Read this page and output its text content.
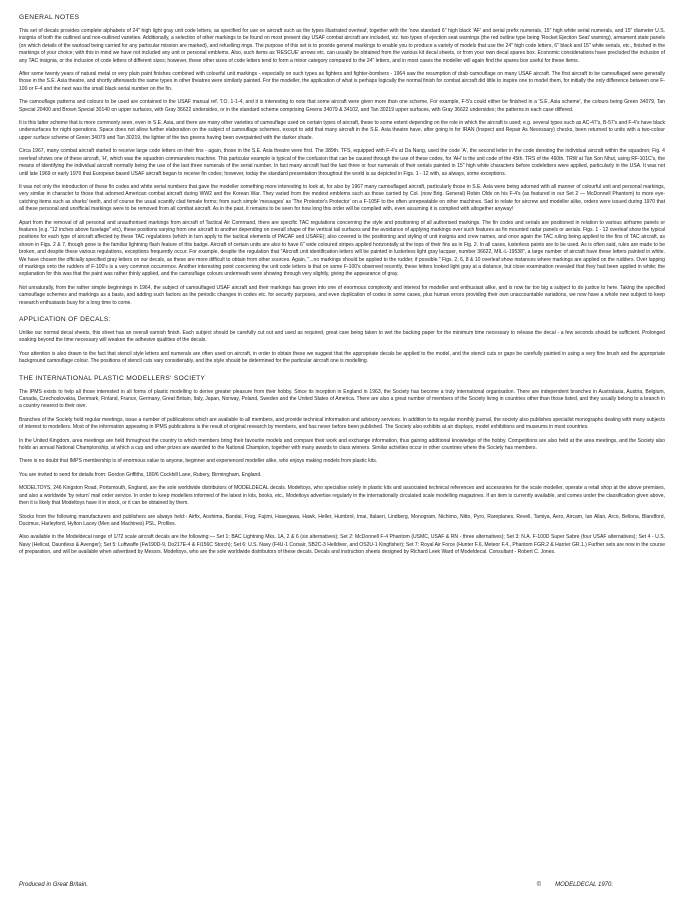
GENERAL NOTES

This set of decals provides complete alphabets of 24" high light gray unit code letters, as specified for use on aircraft such as the types illustrated overleaf, together with the 'now standard 6" high black 'AF' and serial prefix numerals, 15" high white serial numerals, and 15" diameter U.S. insignia of both the outlined and non-outlined varieties. Additionally, a selection of other markings to be found on most present day USAF combat aircraft are included, viz. two types of ejection seat warnings (the red outline type being 'Rocket Ejection Seat' warning), armament state panels (on which details of the warload being carried for any particular mission are marked), and refuelling rings. The purpose of this set is to provide general markings to enable you to produce a variety of models that use the 24" high code letters, 6" black and 15" white serials, etc., finished in the markings of your choice; with this in mind we have not included any unit or personal emblems. Also, such items as 'RESCUE' arrows etc. can usually be obtained from the various kit decal sheets, or from your own decal spares box. Economic considerations have precluded the inclusion of any TAC insignia, or the inclusion of code letters of different sizes; however, these other sizes of code letters tend to form a minor category compared to the 24" letters, and in most cases the modeller will again find the spares box useful for these items.

After some twenty years of natural metal or very plain paint finishes combined with colourful unit markings - especially on such types as fighters and fighter-bombers - 1964 saw the resumption of drab camouflage on many USAF aircraft. The first aircraft to be camouflaged were generally those in the S.E. Asia theatre, and shortly afterwards the same types in other theatres were similarly painted. For the modeller, the application of what is perhaps logically the normal finish for combat aircraft did little to inspire one to model them, for initially the only difference between one F-100 or F-4 and the next was the small black serial number on the fin.

The camouflage patterns and colours to be used are contained in the USAF manual ref. T.O. 1-1-4, and it is interesting to note that some aircraft were given more than one scheme. For example, F-5's could either be finished in a 'S.E. Asia scheme', the colours being Green 34079, Tan Special 20400 and Brown Special 30140 on upper surfaces, with Gray 36622 undersides, or in the standard scheme comprising Greens 34079 & 34102, and Tan 30219 upper surfaces, with Gray 36622 undersides; the patterns in each case differed.

It is this latter scheme that is more commonly seen, even in S.E. Asia, and there are many other varieties of camouflage used on certain types of aircraft, these to some extent depending on the role in which the aircraft is used; e.g. several types such as AC-47's, B-57's and F-4's have black undersurfaces for night operations. Space does not allow further elaboration on the subject of camouflage schemes, except to add that many aircraft in the S.E. Asia theatre have, after going in for IRAN (Inspect and Repair As Necessary) checks, been returned to units with a two-colour upper surface scheme of Green 34079 and Tan 30219, the lighter of the two greens having been overpainted with the darker shade.

Circa 1967, many combat aircraft started to receive large code letters on their fins - again, those in the S.E. Asia theatre were first. The 389th. TFS, equipped with F-4's at Da Nang, used the code 'A', the second letter in the code denoting the individual aircraft within the squadron; Fig. 4 overleaf shows one of these aircraft, 'H', which was the squadron commanders machine. This particular example is typical of the confusion that can be caused through the use of these codes, for 'AH' is the unit code of the 45th. TRS of the 460th. TRW at Tan Son Nhut, using RF-101C's, the means of identifying the individual aircraft normally being the use of the last three numerals of the serial number. In fact many aircraft had the last three or four numerals of their serials painted in 15" high white characters before codeletters were applied, particularly in the USA. It was not until late 1969 or early 1970 that European based USAF aircraft began to receive fin codes; however, today the standard presentation throughout the world is as depicted in Figs. 1 - 12 with, as always, some exceptions.

It was not only the introduction of these fin codes and white serial numbers that gave the modeller something more interesting to look at, for also by 1967 many camouflaged aircraft, particularly those in S.E. Asia were being adorned with all manner of colourful unit and personal markings, very similar in character to those that adorned American combat aircraft during WW2 and the Korean War. They varied from the modest emblems such as those carried by Col. (now Brig. General) Robin Olds on his F-4's (as featured in our Set 2 — McDonnell Phantom) to more eye-catching items such as sharks' teeth, and of course the usual scantily clad female forms; from such simple 'messages' as 'The Protestor's Protector' on a F-105F to the often unrepeatable on other machines. Sad to relate for aircrew and modeller alike, orders were issued during 1970 that all these personal and unofficial markings were to be removed from all combat aircraft. As in the past, it remains to be seen for how long this order will be complied with, even assuming it is complied with altogether anyway!

Apart from the removal of all personal and unauthorised markings from aircraft of Tactical Air Command, there are specific TAC regulations concerning the style and positioning of all authorised markings. The fin codes and serials are positioned in relation to various airframe panels or features (e.g. "12 inches above fuselage" etc), these positions varying from one aircraft to another depending on overall shape of the vertical tail surfaces and the avoidance of applying markings over such features as fin mounted radar panels or aerials. Figs. 1 - 12 overleaf show the typical positions for each type of aircraft affected by these TAC regulations (which in turn apply to the tactical elements of PACAF and USAFE); also covered is the positioning and styling of unit insignia and crew names, and once again the TAC ruling being applied to the fins of TAC aircraft, as shown in Figs. 2 & 7, though gone is the familiar lightning flash feature of this badge. Aircraft of certain units are also to have 6" wide coloured stripes applied horizontally at the tops of their fins as in Fig. 2. In all cases, lusterless paints are to be used. As is often said, rules are made to be broken, and despite these various regulations, exceptions frequently occur. For example, despite the regulation that "Aircraft unit identification letters will be painted in lusterless light gray lacquer, number 36622, MIL-L-19538", a large number of aircraft have these letters painted in white. We have chosen the officially specified gray letters on our decals, as these are more difficult to obtain from other sources. Again, "...no markings should be applied to the rudder, if possible." Figs. 2, 6, 8 & 10 overleaf show instances where markings are applied on the rudders. Over lapping of markings onto the rudders of F-100's is a very common occurrence. Another interesting point concerning the unit code letters is that on some F-100's observed recently, these letters looked light gray at a distance, but close examination revealed that they had been applied in white; the explanation for this was that the paint was rather thinly applied, and the camouflage colours underneath were showing through very slightly, giving the appearance of gray.

Not unnaturally, from the rather simple beginnings in 1964, the subject of camouflaged USAF aircraft and their markings has grown into one of enormous complexity and interest for modeller and enthusiast alike, and is now far too big a subject to do justice to here. Taking the specified camouflage schemes and markings as a basis, and adding such factors as the periodic changes in codes etc. for security purposes, and even duplication of codes in some cases, plus human errors providing their own unaccountable variations, we now have a whole new subject to keep research enthusiasts busy for a long time to come.

APPLICATION OF DECALS:

Unlike our normal decal sheets, this sheet has an overall varnish finish. Each subject should be carefully cut out and used as required, great care being taken to wet the backing paper for the minimum time necessary to release the decal - a few seconds should be sufficient. Prolonged soaking beyond the time necessary will weaken the adhesive qualities of the decals.

Your attention is also drawn to the fact that stencil style letters and numerals are often used on aircraft, in order to obtain these we suggest that the appropriate decals be applied to the model, and the stencil cuts or gaps be carefully painted in using a very fine brush and the appropriate background camouflage colour. The positions of stencil cuts vary considerably, and the style should be determined for the particular aircraft one is modelling.

THE INTERNATIONAL PLASTIC MODELLERS' SOCIETY

The IPMS exists to help all those interested in all forms of plastic modelling to derive greater pleasure from their hobby. Since its inception in England in 1963, the Society has become a truly international organisation. There are independent branches in Australasia, Austria, Belgium, Canada, Czechoslovakia, Denmark, Finland, France, Germany, Great Britain, Italy, Japan, Norway, Poland, Sweden and the United States of America. There are also a great number of members of the Society living in countries other than those listed, and they usually belong to a branch in a country nearest to their own.

Branches of the Society hold regular meetings, issue a number of publications which are available to all members, and provide technical information and advisory services. In addition to its regular monthly journal, the society also publishes specialist monographs dealing with many subjects of interest to modellers. Most of the information appearing in IPMS publications is the result of original research by members, and has never before been published. The Society also exhibits at air displays, model exhibitions and museums in most countries.

In the United Kingdom, area meetings are held throughout the country to which members bring their favourite models and compare their work and exchange information, thus gaining additional knowledge of the hobby. Competitions are also held at the area meetings, and the Society also holds an annual National Championship, at which a cup and other prizes are awarded to the National Champion, together with many awards to class winners. Similar activities occur in other countries where the Society has members.

There is no doubt that IMPS membership is of enormous value to anyone, beginner and experienced modeller alike, who enjoys making models from plastic kits.

You are invited to send for details from: Gordon Griffiths, 180/6 Cockhill Lane, Rubery, Birmingham, England.

MODELTOYS, 246 Kingston Road, Portsmouth, England, are the sole worldwide distributors of MODELDECAL decals. Modeltoys, who specialise solely in plastic kits and associated technical references and accessories for the scale modeller, operate a retail shop at the above premises, and also a worldwide 'by return' mail order service. In order to keep modellers informed of the latest in kits, books, etc., Modeltoys advertise regularly in the internationally circulated scale modelling magazines. If an item is currently available, and comes under the classification given above, then it is likely that Modeltoys have it in stock, or it can be obtained by them.

Stocks from the following manufacturers and publishers are always held:- Airfix, Aoshima, Bandai, Frog, Fujimi, Hasegawa, Hawk, Heller, Humbrol, Imai, Italaeri, Lindberg, Monogram, Nichimo, Nitto, Pyro, Rareplanes, Revell, Tamiya, Aero, Aircam, Ian Allan, Arco, Bellona, Blandford, Ducimus, Harleyford, Hylton Lacey (Men and Machines) PSL, Profiles.

Also available in the Modeldecal range of 1/72 scale aircraft decals are the following:— Set 1: BAC Lightning Mks. 1A, 2 & 6 (six alternatives); Set 2: McDonnell F-4 Phantom (USMC, USAF & RN - three alternatives); Set 3: N.A. F-100D Super Sabre (four USAF alternatives); Set 4 - U.S. Navy (Hellcat, Dauntless & Avenger); Set 5: Luftwaffe (Fw190D-9, Do217E-4 & Fi156C Storch); Set 6: U.S. Navy (F4U-1 Corsair, SB2C-3 Helldiver, and OS2U-1 Kingfisher); Set 7: Royal Air Force (Hunter F.6, Meteor F.4., Phantom FGR.2 & Harrier GR.1.) Further sets are now in the course of preparation, and will be available when advertised by Messrs. Modeltoys, who are the sole worldwide distributors of these decals. Decals and instruction sheets designed by Richard Leek Ward of Modeldecal. Consultant - Robert C. Jones.

Produced in Great Britain.	© MODELDECAL 1970.
